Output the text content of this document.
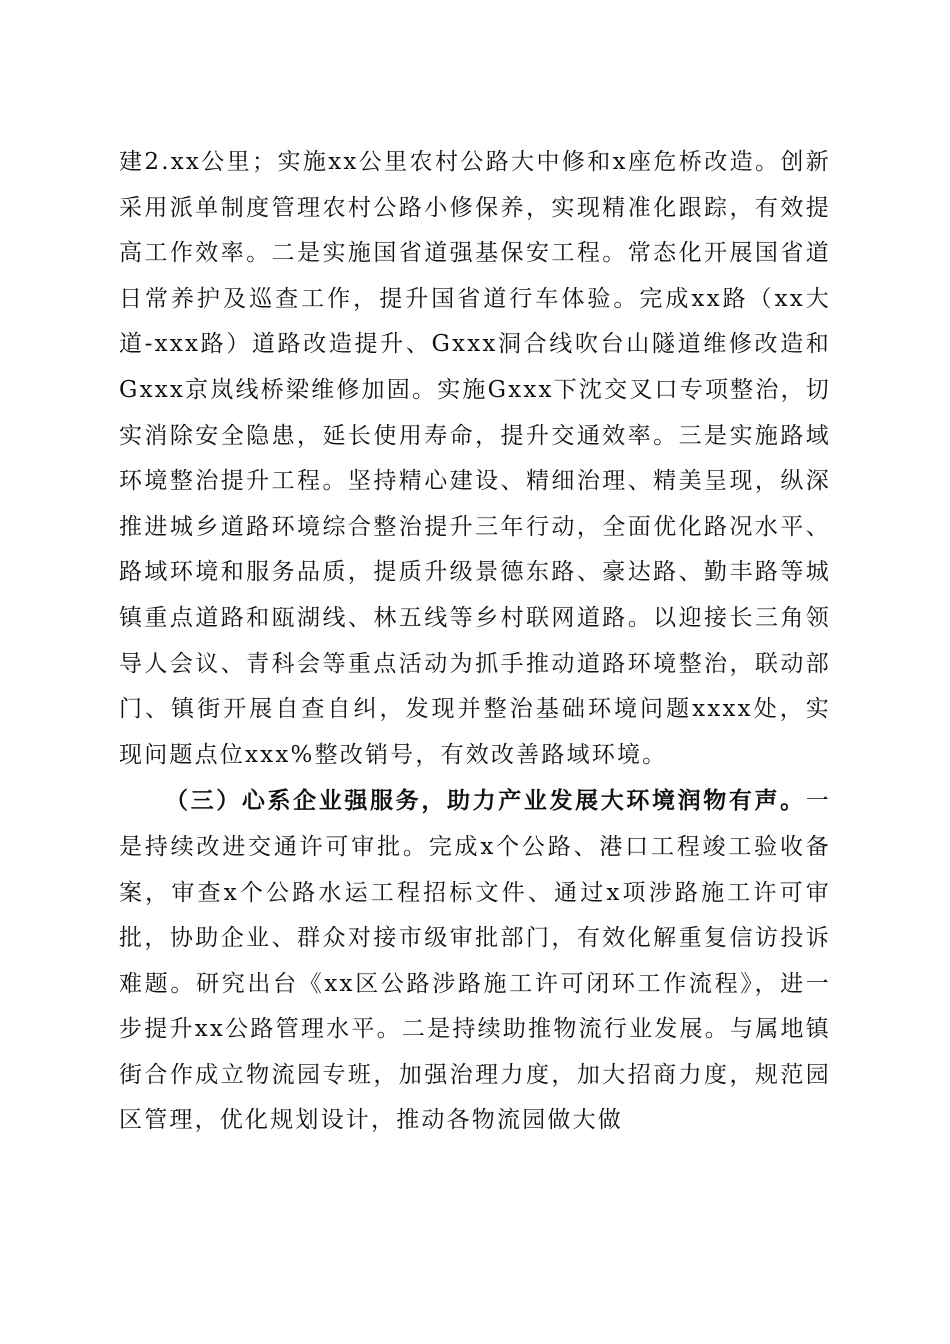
建2.xx公里；实施xx公里农村公路大中修和x座危桥改造。创新采用派单制度管理农村公路小修保养，实现精准化跟踪，有效提高工作效率。二是实施国省道强基保安工程。常态化开展国省道日常养护及巡查工作，提升国省道行车体验。完成xx路（xx大道-xxx路）道路改造提升、Gxxx洞合线吹台山隧道维修改造和Gxxx京岚线桥梁维修加固。实施Gxxx下沈交叉口专项整治，切实消除安全隐患，延长使用寿命，提升交通效率。三是实施路域环境整治提升工程。坚持精心建设、精细治理、精美呈现，纵深推进城乡道路环境综合整治提升三年行动，全面优化路况水平、路域环境和服务品质，提质升级景德东路、豪达路、勤丰路等城镇重点道路和瓯湖线、林五线等乡村联网道路。以迎接长三角领导人会议、青科会等重点活动为抓手推动道路环境整治，联动部门、镇街开展自查自纠，发现并整治基础环境问题xxxx处，实现问题点位xxx%整改销号，有效改善路域环境。

（三）心系企业强服务，助力产业发展大环境润物有声。一是持续改进交通许可审批。完成x个公路、港口工程竣工验收备案，审查x个公路水运工程招标文件、通过x项涉路施工许可审批，协助企业、群众对接市级审批部门，有效化解重复信访投诉难题。研究出台《xx区公路涉路施工许可闭环工作流程》，进一步提升xx公路管理水平。二是持续助推物流行业发展。与属地镇街合作成立物流园专班，加强治理力度，加大招商力度，规范园区管理，优化规划设计，推动各物流园做大做
